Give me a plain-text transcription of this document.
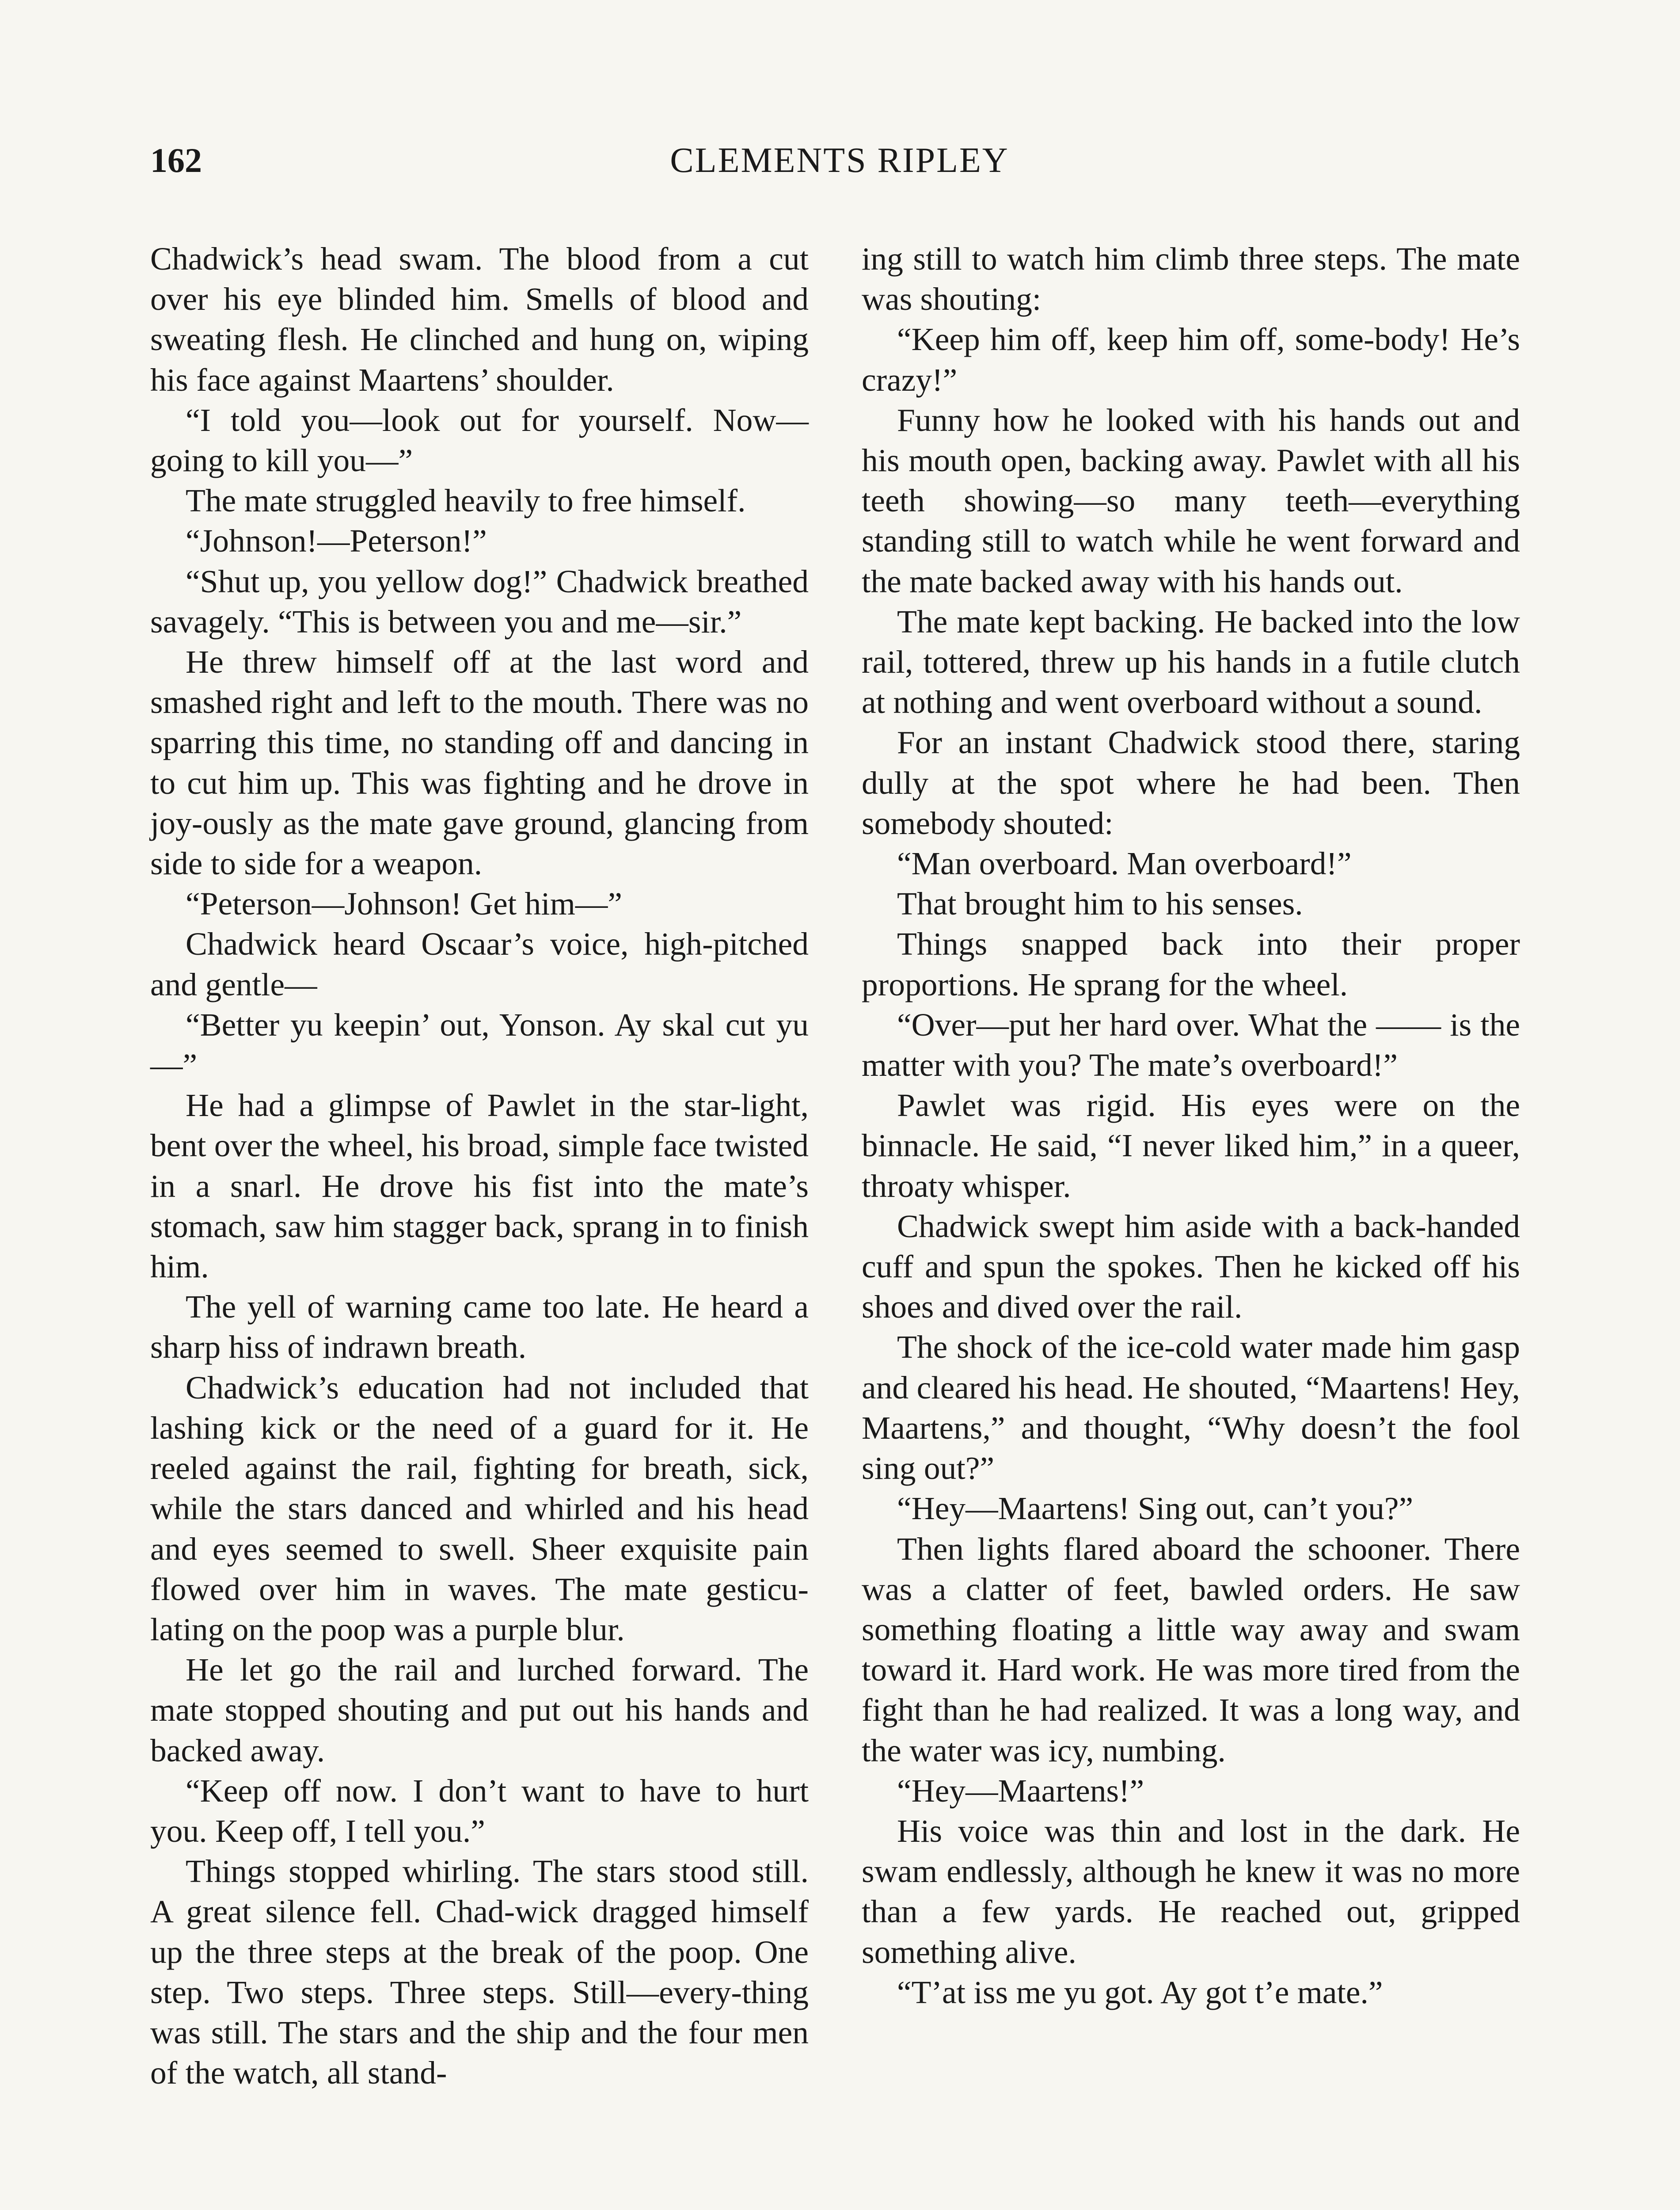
162	CLEMENTS RIPLEY

Chadwick’s head swam. The blood from a cut over his eye blinded him. Smells of blood and sweating flesh. He clinched and hung on, wiping his face against Maartens’ shoulder.

“I told you—look out for yourself. Now—going to kill you—”

The mate struggled heavily to free himself.

“Johnson!—Peterson!”

“Shut up, you yellow dog!” Chadwick breathed savagely. “This is between you and me—sir.”

He threw himself off at the last word and smashed right and left to the mouth. There was no sparring this time, no standing off and dancing in to cut him up. This was fighting and he drove in joy-ously as the mate gave ground, glancing from side to side for a weapon.

“Peterson—Johnson! Get him—”

Chadwick heard Oscaar’s voice, high-pitched and gentle—

“Better yu keepin’ out, Yonson. Ay skal cut yu—”

He had a glimpse of Pawlet in the star-light, bent over the wheel, his broad, simple face twisted in a snarl. He drove his fist into the mate’s stomach, saw him stagger back, sprang in to finish him.

The yell of warning came too late. He heard a sharp hiss of indrawn breath.

Chadwick’s education had not included that lashing kick or the need of a guard for it. He reeled against the rail, fighting for breath, sick, while the stars danced and whirled and his head and eyes seemed to swell. Sheer exquisite pain flowed over him in waves. The mate gesticu-lating on the poop was a purple blur.

He let go the rail and lurched forward. The mate stopped shouting and put out his hands and backed away.

“Keep off now. I don’t want to have to hurt you. Keep off, I tell you.”

Things stopped whirling. The stars stood still. A great silence fell. Chad-wick dragged himself up the three steps at the break of the poop. One step. Two steps. Three steps. Still—every-thing was still. The stars and the ship and the four men of the watch, all stand-

ing still to watch him climb three steps. The mate was shouting:

“Keep him off, keep him off, some-body! He’s crazy!”

Funny how he looked with his hands out and his mouth open, backing away. Pawlet with all his teeth showing—so many teeth—everything standing still to watch while he went forward and the mate backed away with his hands out.

The mate kept backing. He backed into the low rail, tottered, threw up his hands in a futile clutch at nothing and went overboard without a sound.

For an instant Chadwick stood there, staring dully at the spot where he had been. Then somebody shouted:

“Man overboard. Man overboard!”

That brought him to his senses.

Things snapped back into their proper proportions. He sprang for the wheel.

“Over—put her hard over. What the —— is the matter with you? The mate’s overboard!”

Pawlet was rigid. His eyes were on the binnacle. He said, “I never liked him,” in a queer, throaty whisper.

Chadwick swept him aside with a back-handed cuff and spun the spokes. Then he kicked off his shoes and dived over the rail.

The shock of the ice-cold water made him gasp and cleared his head. He shouted, “Maartens! Hey, Maartens,” and thought, “Why doesn’t the fool sing out?”

“Hey—Maartens! Sing out, can’t you?”

Then lights flared aboard the schooner. There was a clatter of feet, bawled orders. He saw something floating a little way away and swam toward it. Hard work. He was more tired from the fight than he had realized. It was a long way, and the water was icy, numbing.

“Hey—Maartens!”

His voice was thin and lost in the dark. He swam endlessly, although he knew it was no more than a few yards. He reached out, gripped something alive.

“T’at iss me yu got. Ay got t’e mate.”
